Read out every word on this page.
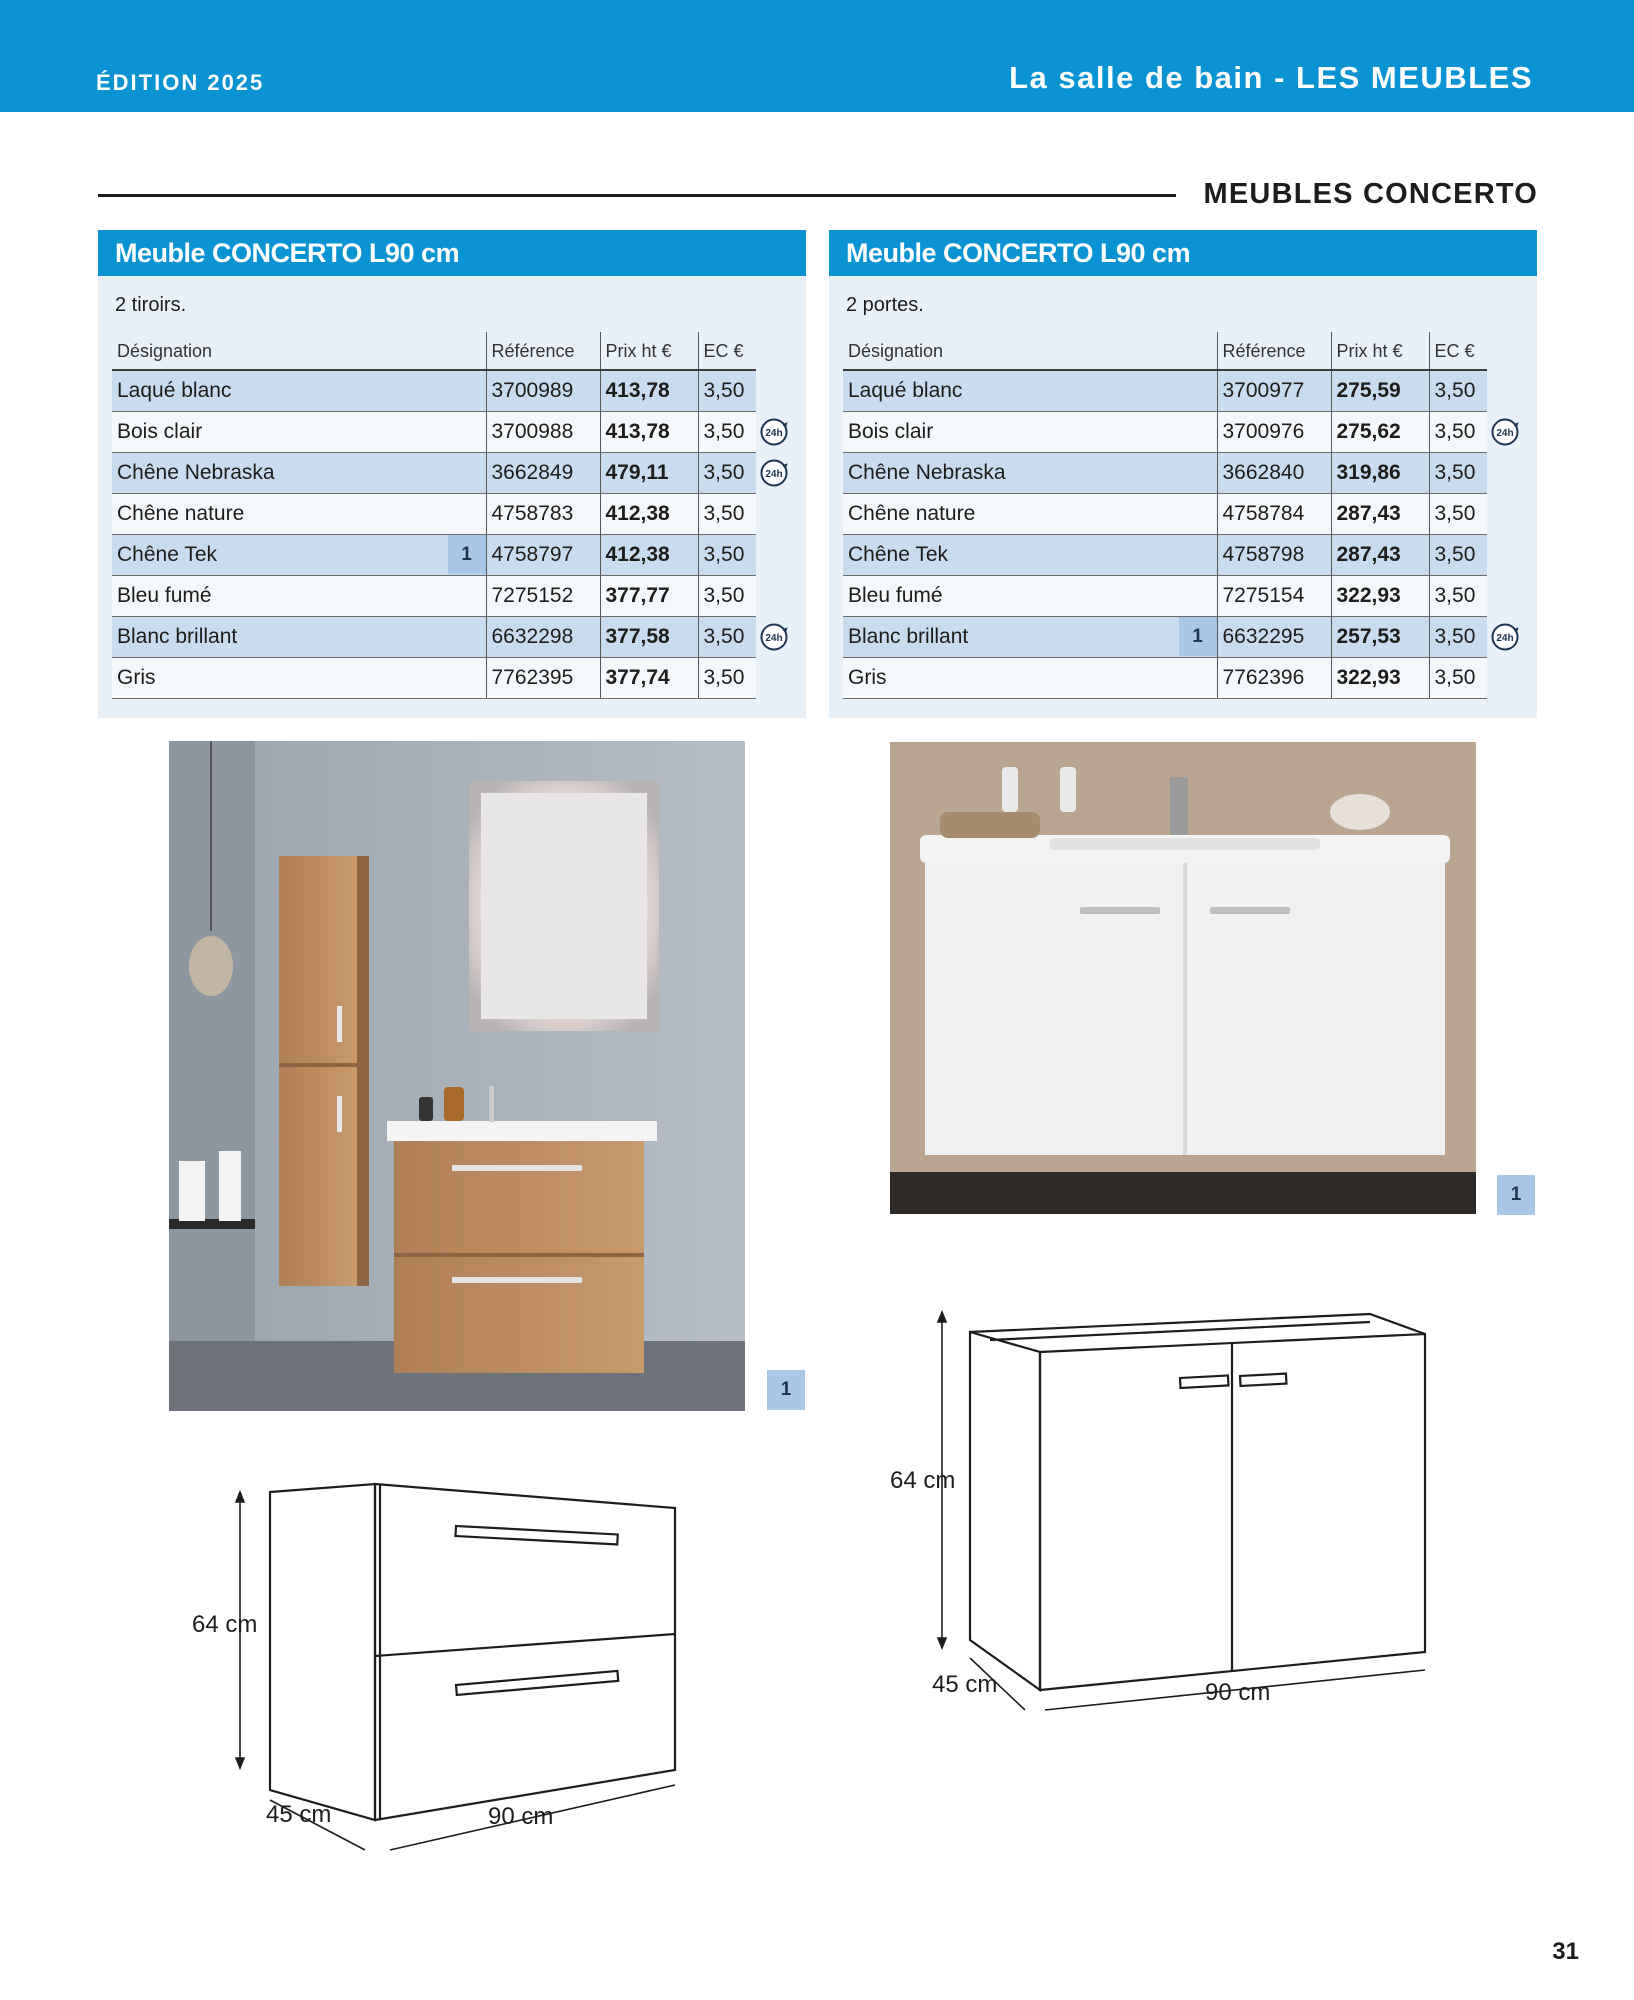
ÉDITION 2025	La salle de bain - LES MEUBLES
MEUBLES CONCERTO
Meuble CONCERTO L90 cm
2 tiroirs.
Désignation	Référence	Prix ht €	EC €	

Laqué blanc	3700989	413,78	3,50	

Bois clair	3700988	413,78	3,50	24h

Chêne Nebraska	3662849	479,11	3,50	24h

Chêne nature	4758783	412,38	3,50	

Chêne Tek 1	4758797	412,38	3,50	

Bleu fumé	7275152	377,77	3,50	

Blanc brillant	6632298	377,58	3,50	24h

Gris	7762395	377,74	3,50	
Meuble CONCERTO L90 cm
2 portes.
Désignation	Référence	Prix ht €	EC €	

Laqué blanc	3700977	275,59	3,50	

Bois clair	3700976	275,62	3,50	24h

Chêne Nebraska	3662840	319,86	3,50	

Chêne nature	4758784	287,43	3,50	

Chêne Tek	4758798	287,43	3,50	

Bleu fumé	7275154	322,93	3,50	

Blanc brillant 1	6632295	257,53	3,50	24h

Gris	7762396	322,93	3,50	
1
1
64 cm
45 cm	90 cm
64 cm
45 cm	90 cm
31
